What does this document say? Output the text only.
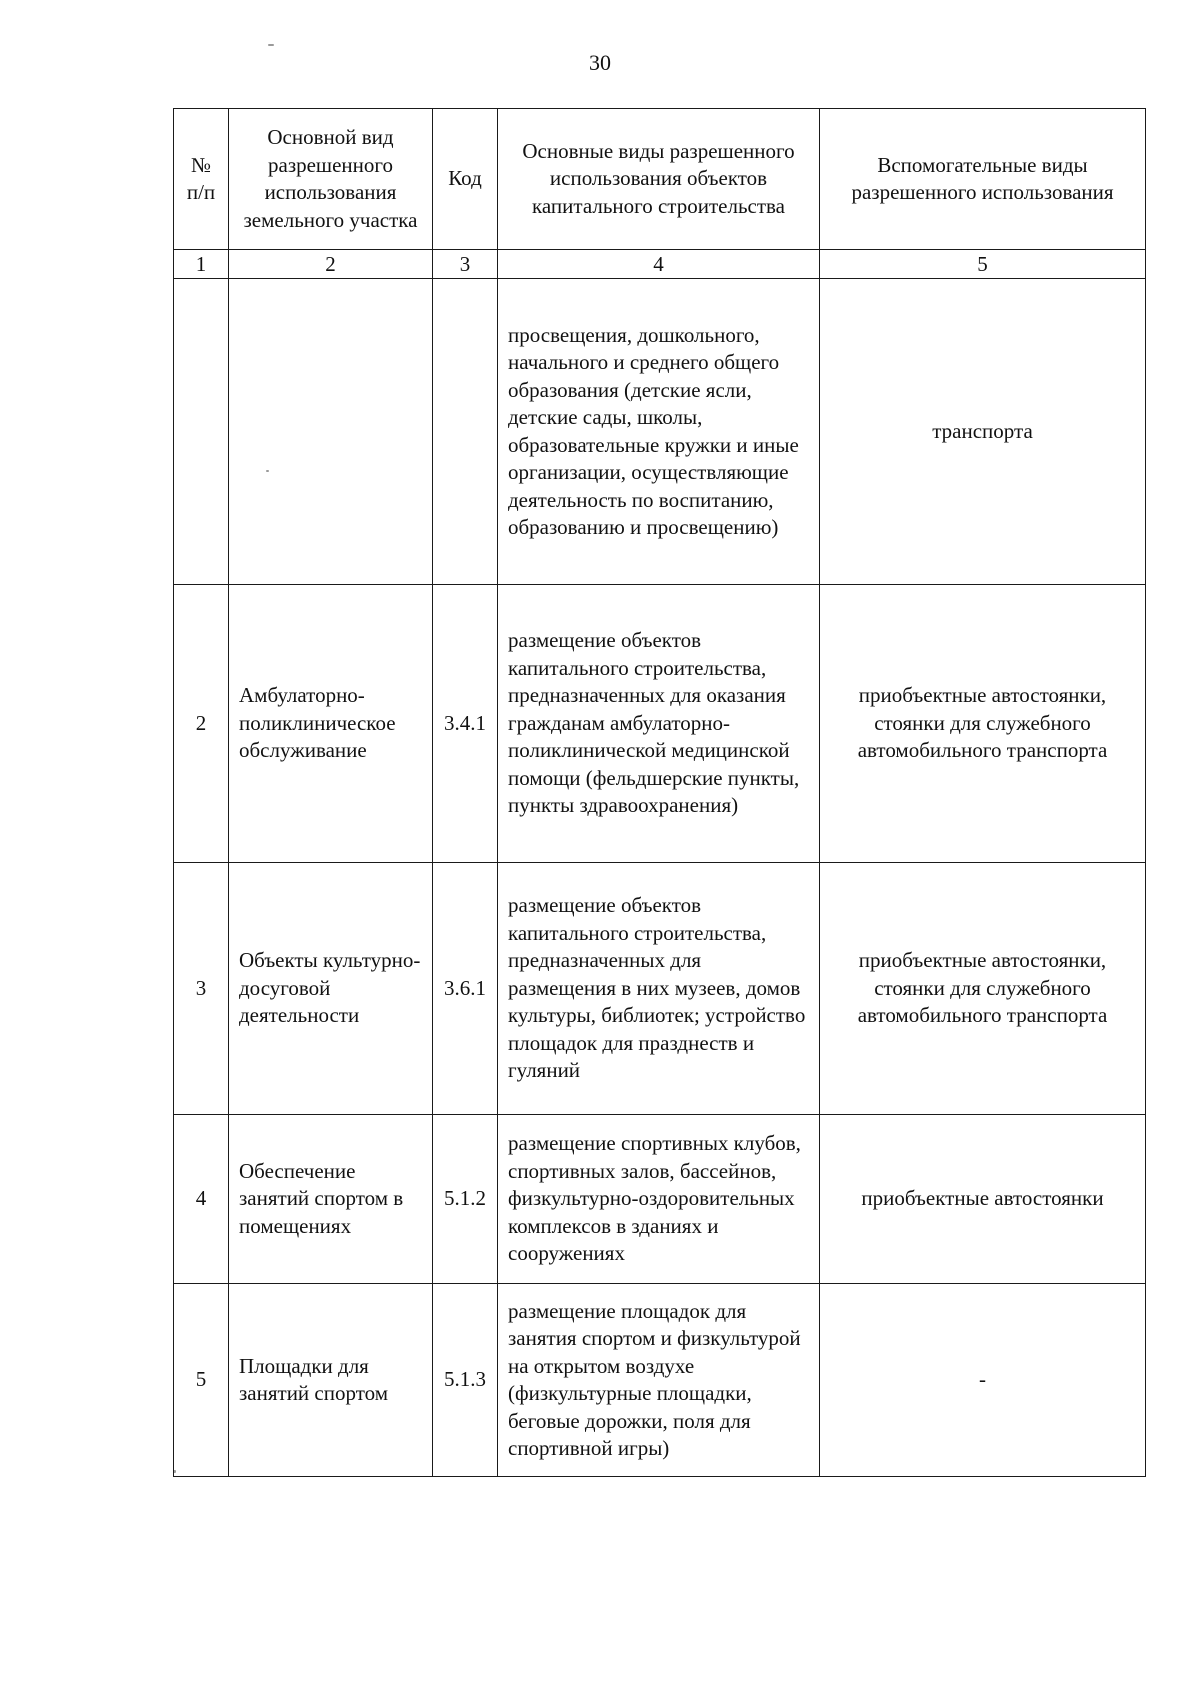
30
№ п/п	Основной вид разрешенного использования земельного участка	Код	Основные виды разрешенного использования объектов капитального строительства	Вспомогательные виды разрешенного использования
1	2	3	4	5
			просвещения, дошкольного, начального и среднего общего образования (детские ясли, детские сады, школы, образовательные кружки и иные организации, осуществляющие деятельность по воспитанию, образованию и просвещению)	транспорта
2	Амбулаторно-поликлиническое обслуживание	3.4.1	размещение объектов капитального строительства, предназначенных для оказания гражданам амбулаторно-поликлинической медицинской помощи (фельдшерские пункты, пункты здравоохранения)	приобъектные автостоянки, стоянки для служебного автомобильного транспорта
3	Объекты культурно-досуговой деятельности	3.6.1	размещение объектов капитального строительства, предназначенных для размещения в них музеев, домов культуры, библиотек; устройство площадок для празднеств и гуляний	приобъектные автостоянки, стоянки для служебного автомобильного транспорта
4	Обеспечение занятий спортом в помещениях	5.1.2	размещение спортивных клубов, спортивных залов, бассейнов, физкультурно-оздоровительных комплексов в зданиях и сооружениях	приобъектные автостоянки
5	Площадки для занятий спортом	5.1.3	размещение площадок для занятия спортом и физкультурой на открытом воздухе (физкультурные площадки, беговые дорожки, поля для спортивной игры)	-
